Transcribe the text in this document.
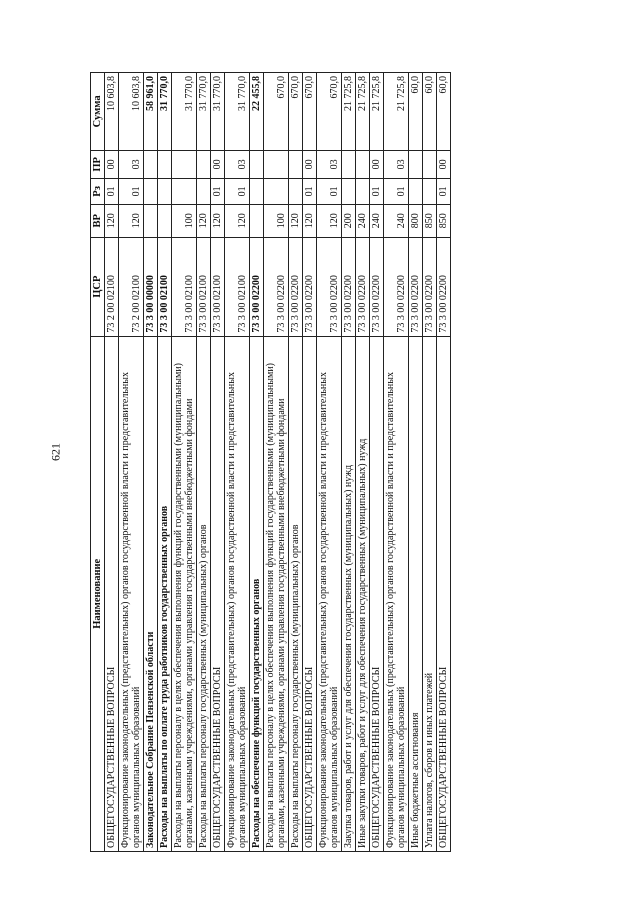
621
Наименование	ЦСР	ВР	Рз	ПР	Сумма
ОБЩЕГОСУДАРСТВЕННЫЕ ВОПРОСЫ	73 2 00 02100	120	01	00	10 603,8
Функционирование законодательных (представительных) органов государственной власти и представительных органов муниципальных образований	73 2 00 02100	120	01	03	10 603,8
Законодательное Собрание Пензенской области	73 3 00 00000				58 961,0
Расходы на выплаты по оплате труда работников государственных органов	73 3 00 02100				31 770,0
Расходы на выплаты персоналу в целях обеспечения выполнения функций государственными (муниципальными) органами, казенными учреждениями, органами управления государственными внебюджетными фондами	73 3 00 02100	100			31 770,0
Расходы на выплаты персоналу государственных (муниципальных) органов	73 3 00 02100	120			31 770,0
ОБЩЕГОСУДАРСТВЕННЫЕ ВОПРОСЫ	73 3 00 02100	120	01	00	31 770,0
Функционирование законодательных (представительных) органов государственной власти и представительных органов муниципальных образований	73 3 00 02100	120	01	03	31 770,0
Расходы на обеспечение функций государственных органов	73 3 00 02200				22 455,8
Расходы на выплаты персоналу в целях обеспечения выполнения функций государственными (муниципальными) органами, казенными учреждениями, органами управления государственными внебюджетными фондами	73 3 00 02200	100			670,0
Расходы на выплаты персоналу государственных (муниципальных) органов	73 3 00 02200	120			670,0
ОБЩЕГОСУДАРСТВЕННЫЕ ВОПРОСЫ	73 3 00 02200	120	01	00	670,0
Функционирование законодательных (представительных) органов государственной власти и представительных органов муниципальных образований	73 3 00 02200	120	01	03	670,0
Закупка товаров, работ и услуг для обеспечения государственных (муниципальных) нужд	73 3 00 02200	200			21 725,8
Иные закупки товаров, работ и услуг для обеспечения государственных (муниципальных) нужд	73 3 00 02200	240			21 725,8
ОБЩЕГОСУДАРСТВЕННЫЕ ВОПРОСЫ	73 3 00 02200	240	01	00	21 725,8
Функционирование законодательных (представительных) органов государственной власти и представительных органов муниципальных образований	73 3 00 02200	240	01	03	21 725,8
Иные бюджетные ассигнования	73 3 00 02200	800			60,0
Уплата налогов, сборов и иных платежей	73 3 00 02200	850			60,0
ОБЩЕГОСУДАРСТВЕННЫЕ ВОПРОСЫ	73 3 00 02200	850	01	00	60,0
